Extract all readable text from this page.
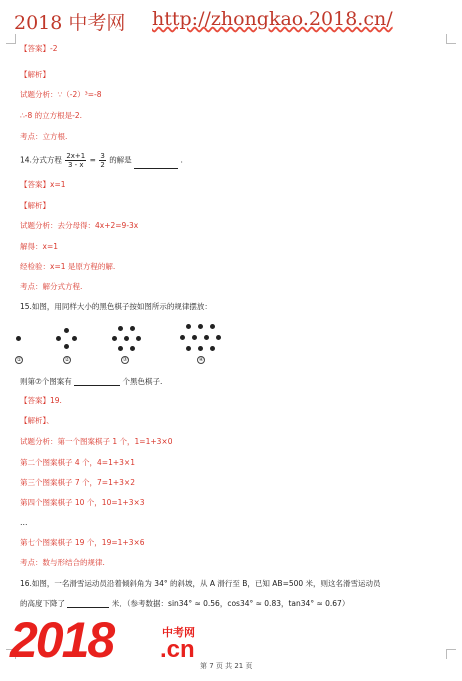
2018 中考网 http://zhongkao.2018.cn/
【答案】-2
【解析】
试题分析：∵（-2）³=-8
∴-8 的立方根是-2.
考点：立方根.
14.分式方程 $\frac{2x+1}{3 - x} = \frac{3}{2}$ 的解是	.
【答案】x=1
【解析】
试题分析：去分母得：4x+2=9-3x
解得：x=1
经检验：x=1 是原方程的解.
考点：解分式方程.
15.如图，用同样大小的黑色棋子按如图所示的规律摆放：
则第⑦个图案有	个黑色棋子.
【答案】19.
【解析】、
试题分析：第一个图案棋子 1 个，1=1+3×0
第二个图案棋子 4 个，4=1+3×1
第三个图案棋子 7 个，7=1+3×2
第四个图案棋子 10 个，10=1+3×3
…
第七个图案棋子 19 个，19=1+3×6
考点：数与形结合的规律.
16.如图，一名滑雪运动员沿着倾斜角为 34° 的斜坡，从 A 滑行至 B，已知 AB=500 米，则这名滑雪运动员
的高度下降了	米．（参考数据：sin34° ≈ 0.56，cos34° ≈ 0.83，tan34° ≈ 0.67）
①	②	③	④
2018	中考网
.cn
第 7 页 共 21 页
